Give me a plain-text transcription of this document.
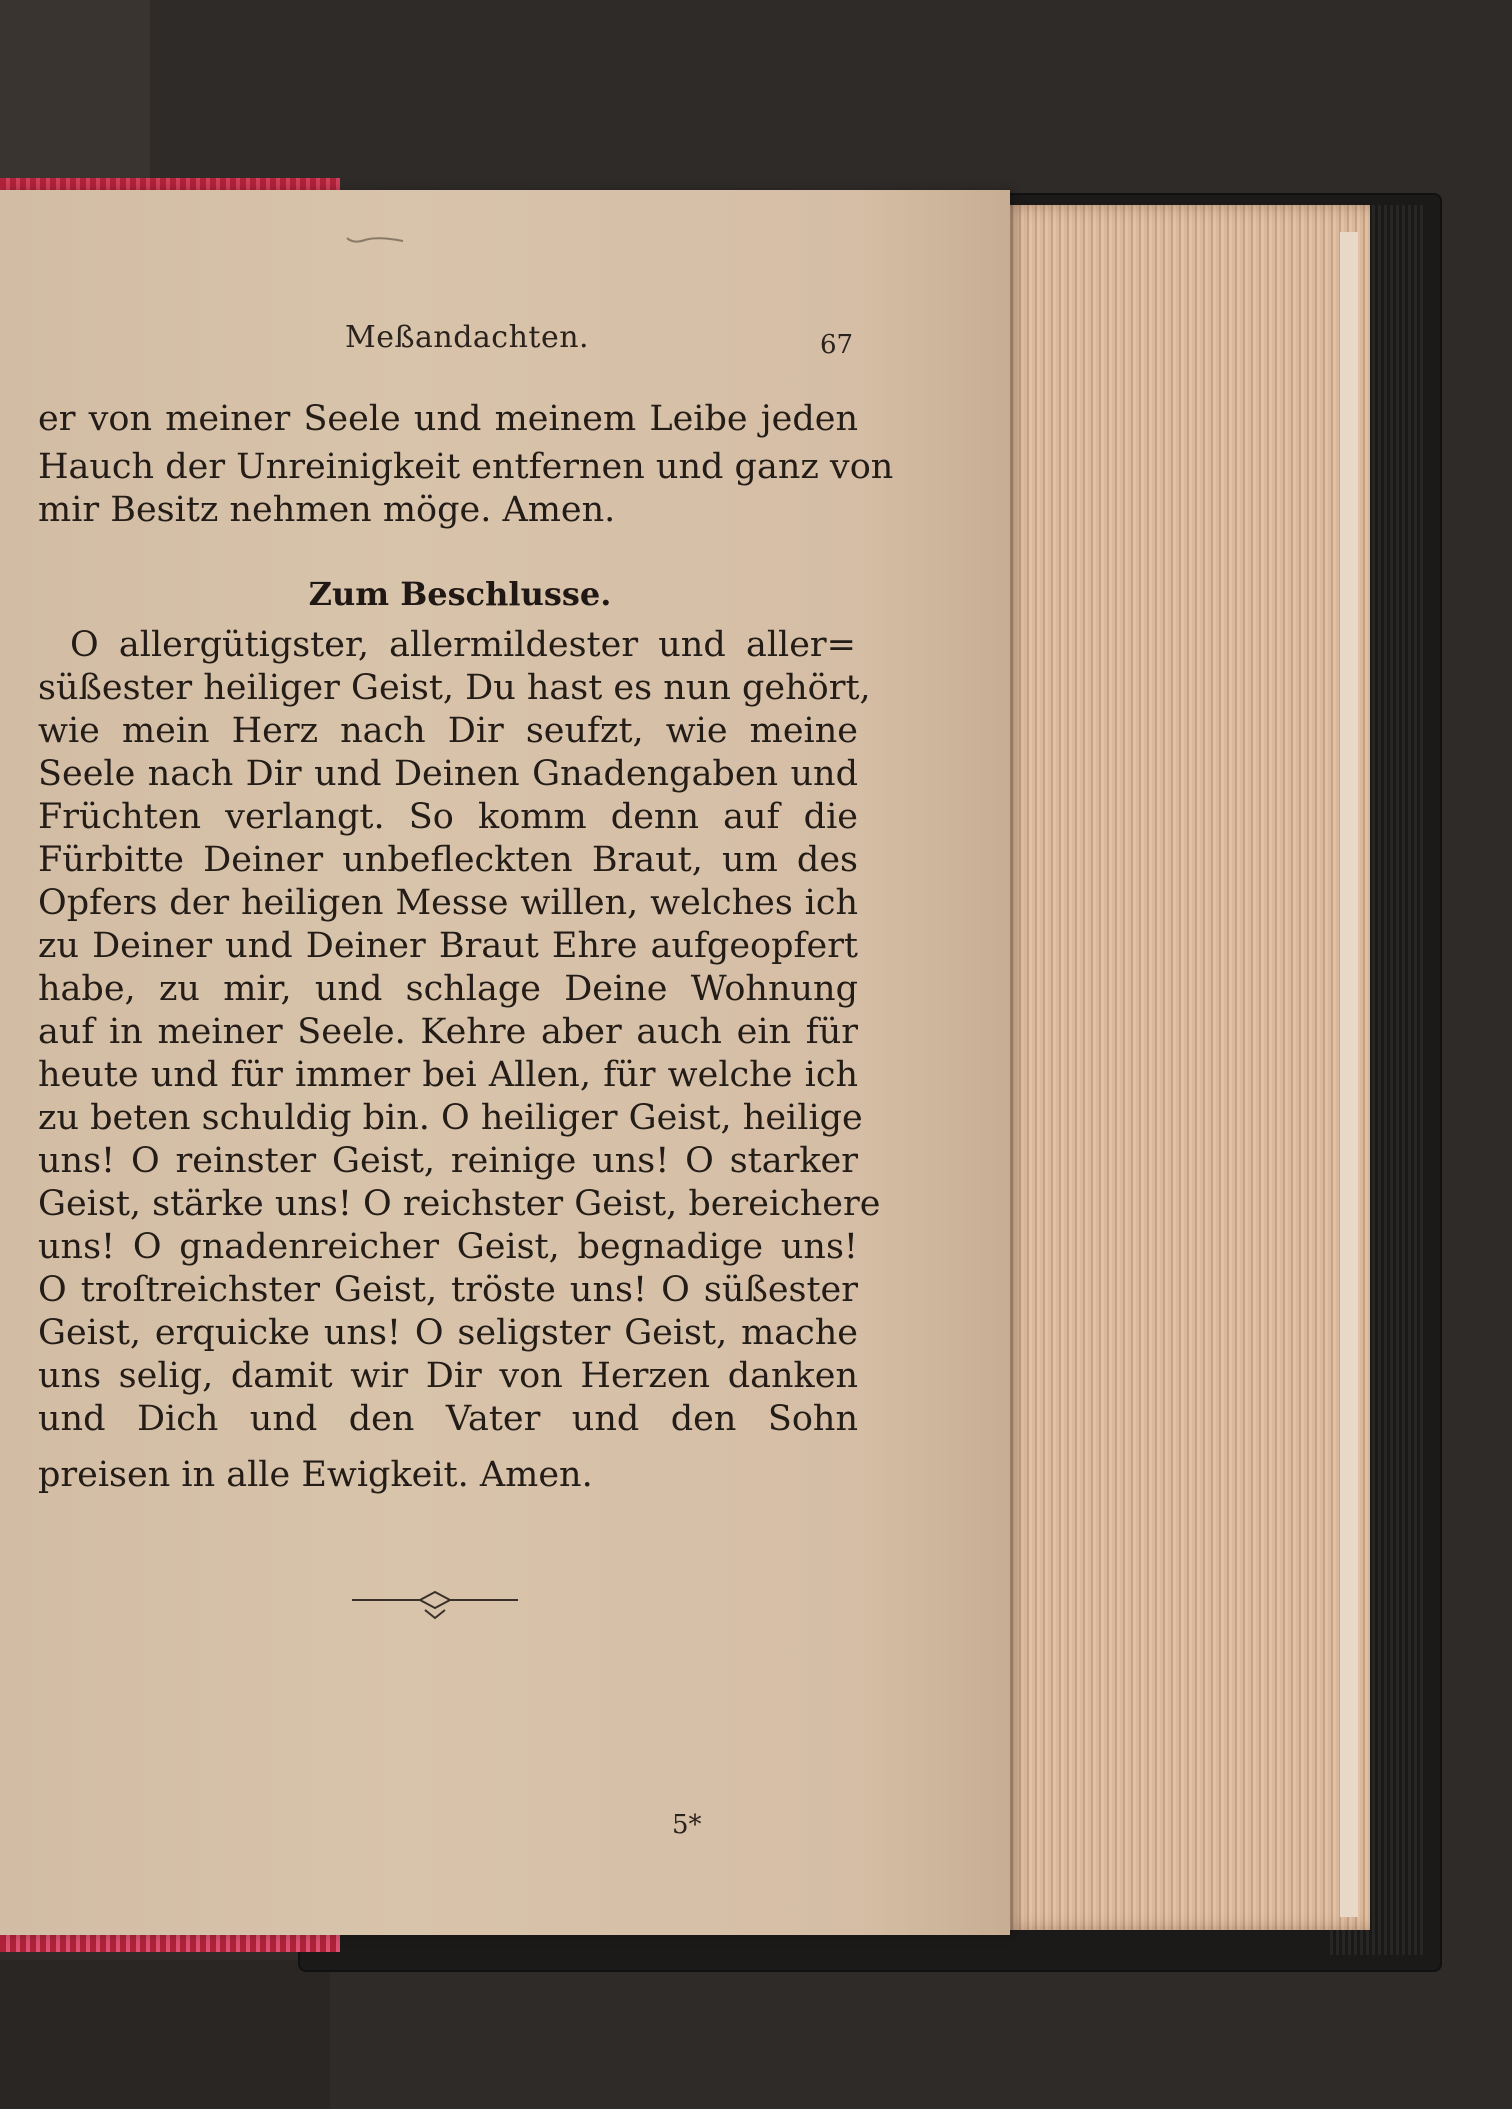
Meßandachten.	67
er von meiner Seele und meinem Leibe jeden
Hauch der Unreinigkeit entfernen und ganz von
mir Besitz nehmen möge. Amen.
Zum Beschlusse.
O allergütigster, allermildester und aller=
süßester heiliger Geist, Du hast es nun gehört,
wie mein Herz nach Dir seufzt, wie meine
Seele nach Dir und Deinen Gnadengaben und
Früchten verlangt. So komm denn auf die
Fürbitte Deiner unbefleckten Braut, um des
Opfers der heiligen Messe willen, welches ich
zu Deiner und Deiner Braut Ehre aufgeopfert
habe, zu mir, und schlage Deine Wohnung
auf in meiner Seele. Kehre aber auch ein für
heute und für immer bei Allen, für welche ich
zu beten schuldig bin. O heiliger Geist, heilige
uns! O reinster Geist, reinige uns! O starker
Geist, stärke uns! O reichster Geist, bereichere
uns! O gnadenreicher Geist, begnadige uns!
O troſtreichster Geist, tröste uns! O süßester
Geist, erquicke uns! O seligster Geist, mache
uns selig, damit wir Dir von Herzen danken
und Dich und den Vater und den Sohn
preisen in alle Ewigkeit. Amen.
5*
